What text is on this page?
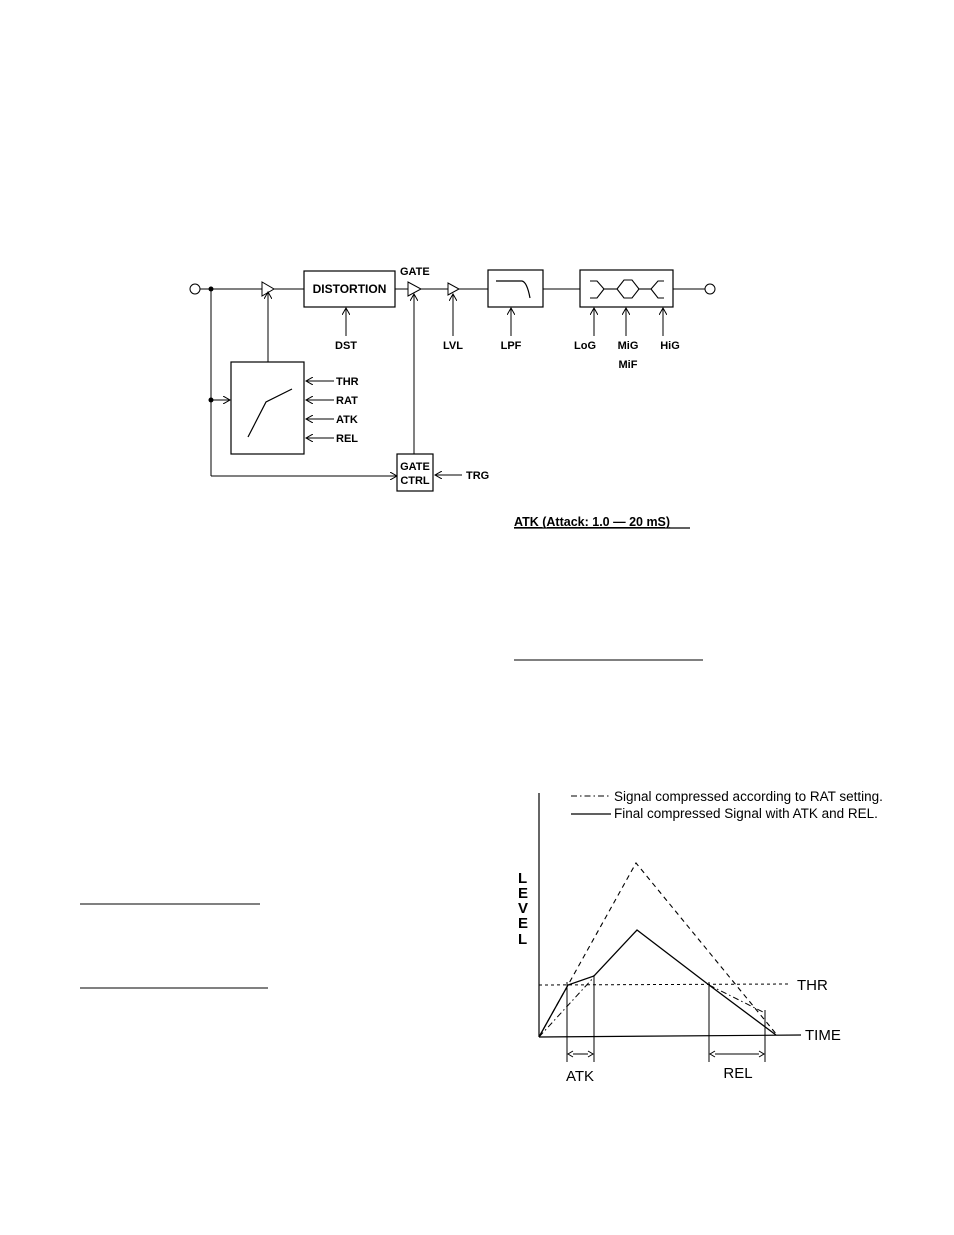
DISTORTION
DST
GATE
LVL	LPF	LoG MiG
MiF
HiG
THR
RAT
ATK
REL
GATE
CTRL	TRG
ATK (Attack: 1.0 — 20 mS)
Signal compressed according to RAT setting.
Final compressed Signal with ATK and REL.
TIME
L
E
V
E
L
THR
ATK	REL
